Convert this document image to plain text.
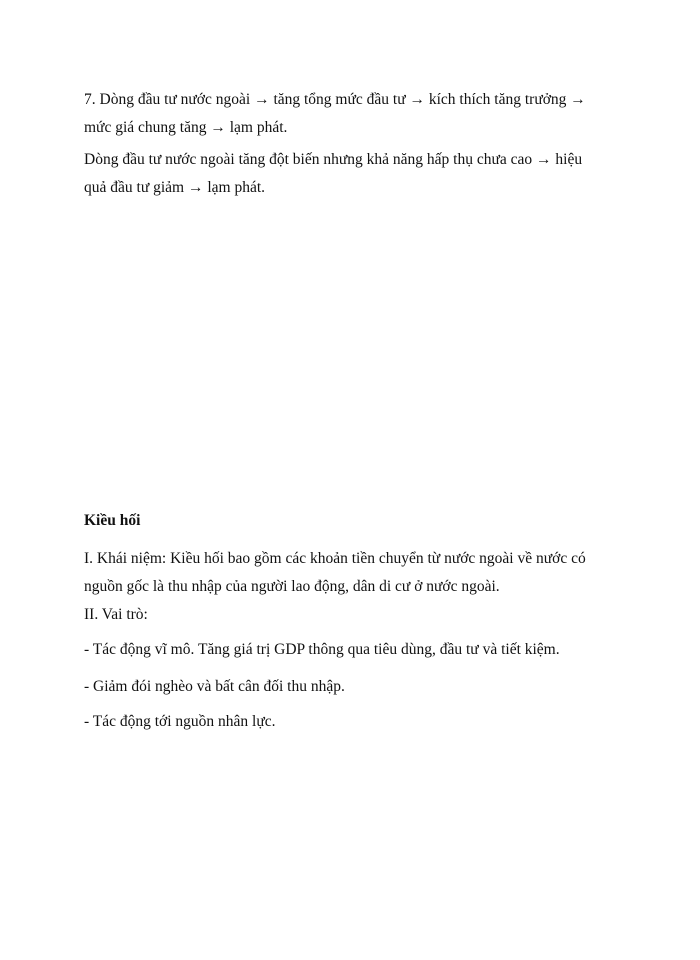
7. Dòng đầu tư nước ngoài → tăng tổng mức đầu tư → kích thích tăng trưởng →
mức giá chung tăng → lạm phát.

Dòng đầu tư nước ngoài tăng đột biến nhưng khả năng hấp thụ chưa cao → hiệu
quả đầu tư giảm → lạm phát.

Kiều hối

I. Khái niệm: Kiều hối bao gồm các khoản tiền chuyển từ nước ngoài về nước có
nguồn gốc là thu nhập của người lao động, dân di cư ở nước ngoài.

II. Vai trò:

- Tác động vĩ mô. Tăng giá trị GDP thông qua tiêu dùng, đầu tư và tiết kiệm.

- Giảm đói nghèo và bất cân đối thu nhập.

- Tác động tới nguồn nhân lực.
